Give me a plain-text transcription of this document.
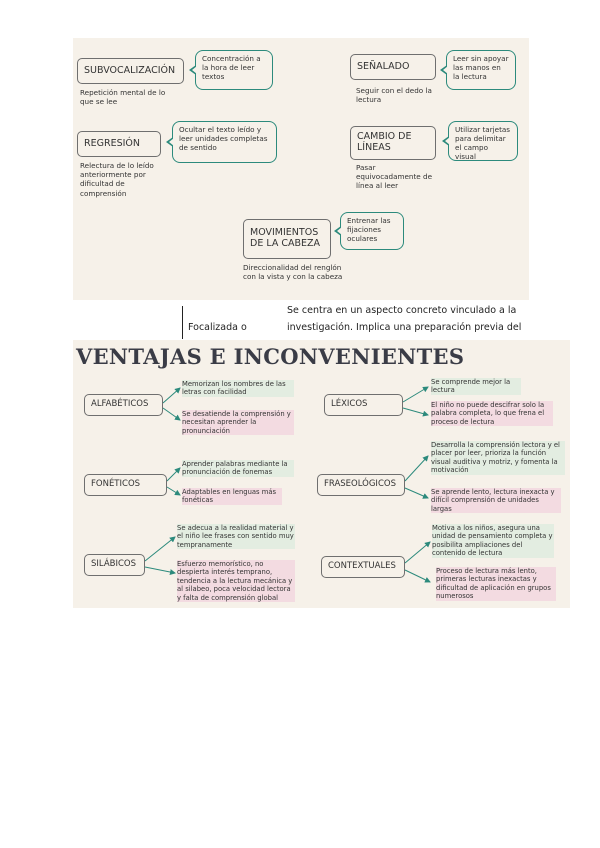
SUBVOCALIZACIÓN
Concentración a la hora de leer textos
Repetición mental de lo que se lee
REGRESIÓN
Ocultar el texto leído y leer unidades completas de sentido
Relectura de lo leído anteriormente por dificultad de comprensión
MOVIMIENTOS DE LA CABEZA
Entrenar las fijaciones oculares
Direccionalidad del renglón con la vista y con la cabeza
SEÑALADO
Leer sin apoyar las manos en la lectura
Seguir con el dedo la lectura
CAMBIO DE LÍNEAS
Utilizar tarjetas para delimitar el campo visual
Pasar equivocadamente de línea al leer
Focalizada o
Se centra en un aspecto concreto vinculado a la
investigación. Implica una preparación previa del
VENTAJAS E INCONVENIENTES
ALFABÉTICOS
Memorizan los nombres de las letras con facilidad
Se desatiende la comprensión y necesitan aprender la pronunciación
FONÉTICOS
Aprender palabras mediante la pronunciación de fonemas
Adaptables en lenguas más fonéticas
SILÁBICOS
Se adecua a la realidad material y el niño lee frases con sentido muy tempranamente
Esfuerzo memorístico, no despierta interés temprano, tendencia a la lectura mecánica y al silabeo, poca velocidad lectora y falta de comprensión global
LÉXICOS
Se comprende mejor la lectura
El niño no puede descifrar solo la palabra completa, lo que frena el proceso de lectura
FRASEOLÓGICOS
Desarrolla la comprensión lectora y el placer por leer, prioriza la función visual auditiva y motriz, y fomenta la motivación
Se aprende lento, lectura inexacta y difícil comprensión de unidades largas
CONTEXTUALES
Motiva a los niños, asegura una unidad de pensamiento completa y posibilita ampliaciones del contenido de lectura
Proceso de lectura más lento, primeras lecturas inexactas y dificultad de aplicación en grupos numerosos
